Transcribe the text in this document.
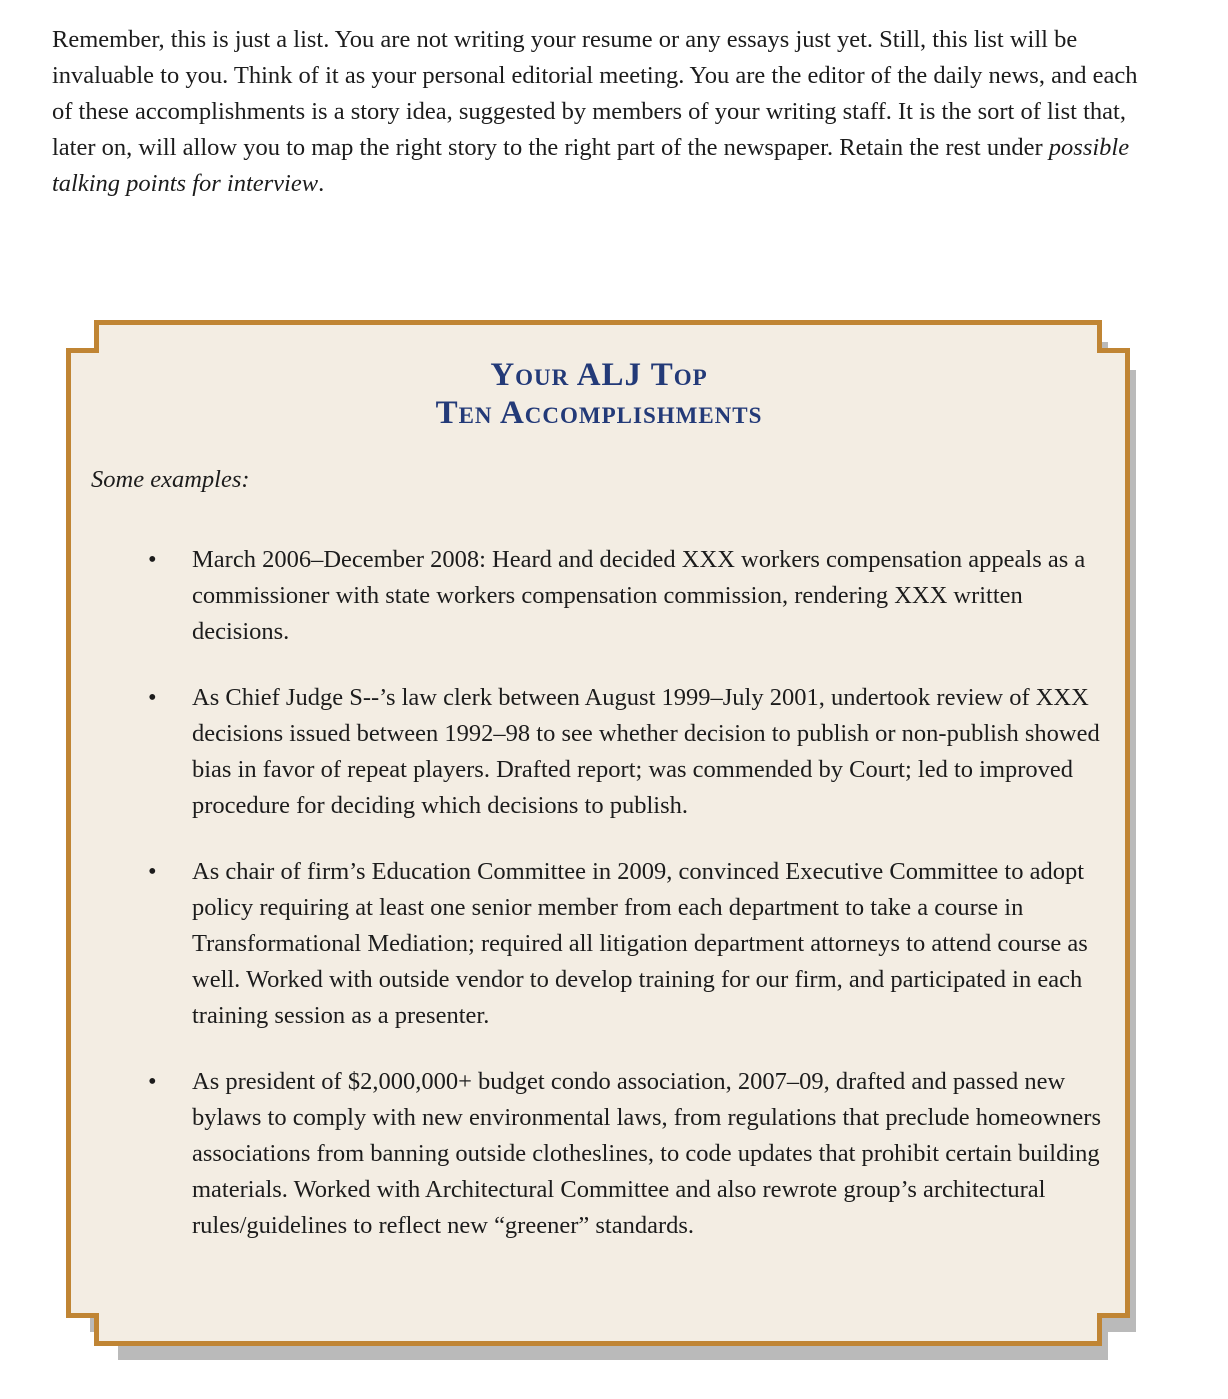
Remember, this is just a list. You are not writing your resume or any essays just yet. Still, this list will be invaluable to you. Think of it as your personal editorial meeting. You are the editor of the daily news, and each of these accomplishments is a story idea, suggested by members of your writing staff. It is the sort of list that, later on, will allow you to map the right story to the right part of the newspaper. Retain the rest under possible talking points for interview.

Your ALJ Top
Ten Accomplishments

Some examples:

• March 2006–December 2008: Heard and decided XXX workers compensation appeals as a commissioner with state workers compensation commission, rendering XXX written decisions.
• As Chief Judge S--’s law clerk between August 1999–July 2001, undertook review of XXX decisions issued between 1992–98 to see whether decision to publish or non-publish showed bias in favor of repeat players. Drafted report; was commended by Court; led to improved procedure for deciding which decisions to publish.
• As chair of firm’s Education Committee in 2009, convinced Executive Committee to adopt policy requiring at least one senior member from each department to take a course in Transformational Mediation; required all litigation department attorneys to attend course as well. Worked with outside vendor to develop training for our firm, and participated in each training session as a presenter.
• As president of $2,000,000+ budget condo association, 2007–09, drafted and passed new bylaws to comply with new environmental laws, from regulations that preclude homeowners associations from banning outside clotheslines, to code updates that prohibit certain building materials. Worked with Architectural Committee and also rewrote group’s architectural rules/guidelines to reflect new “greener” standards.
